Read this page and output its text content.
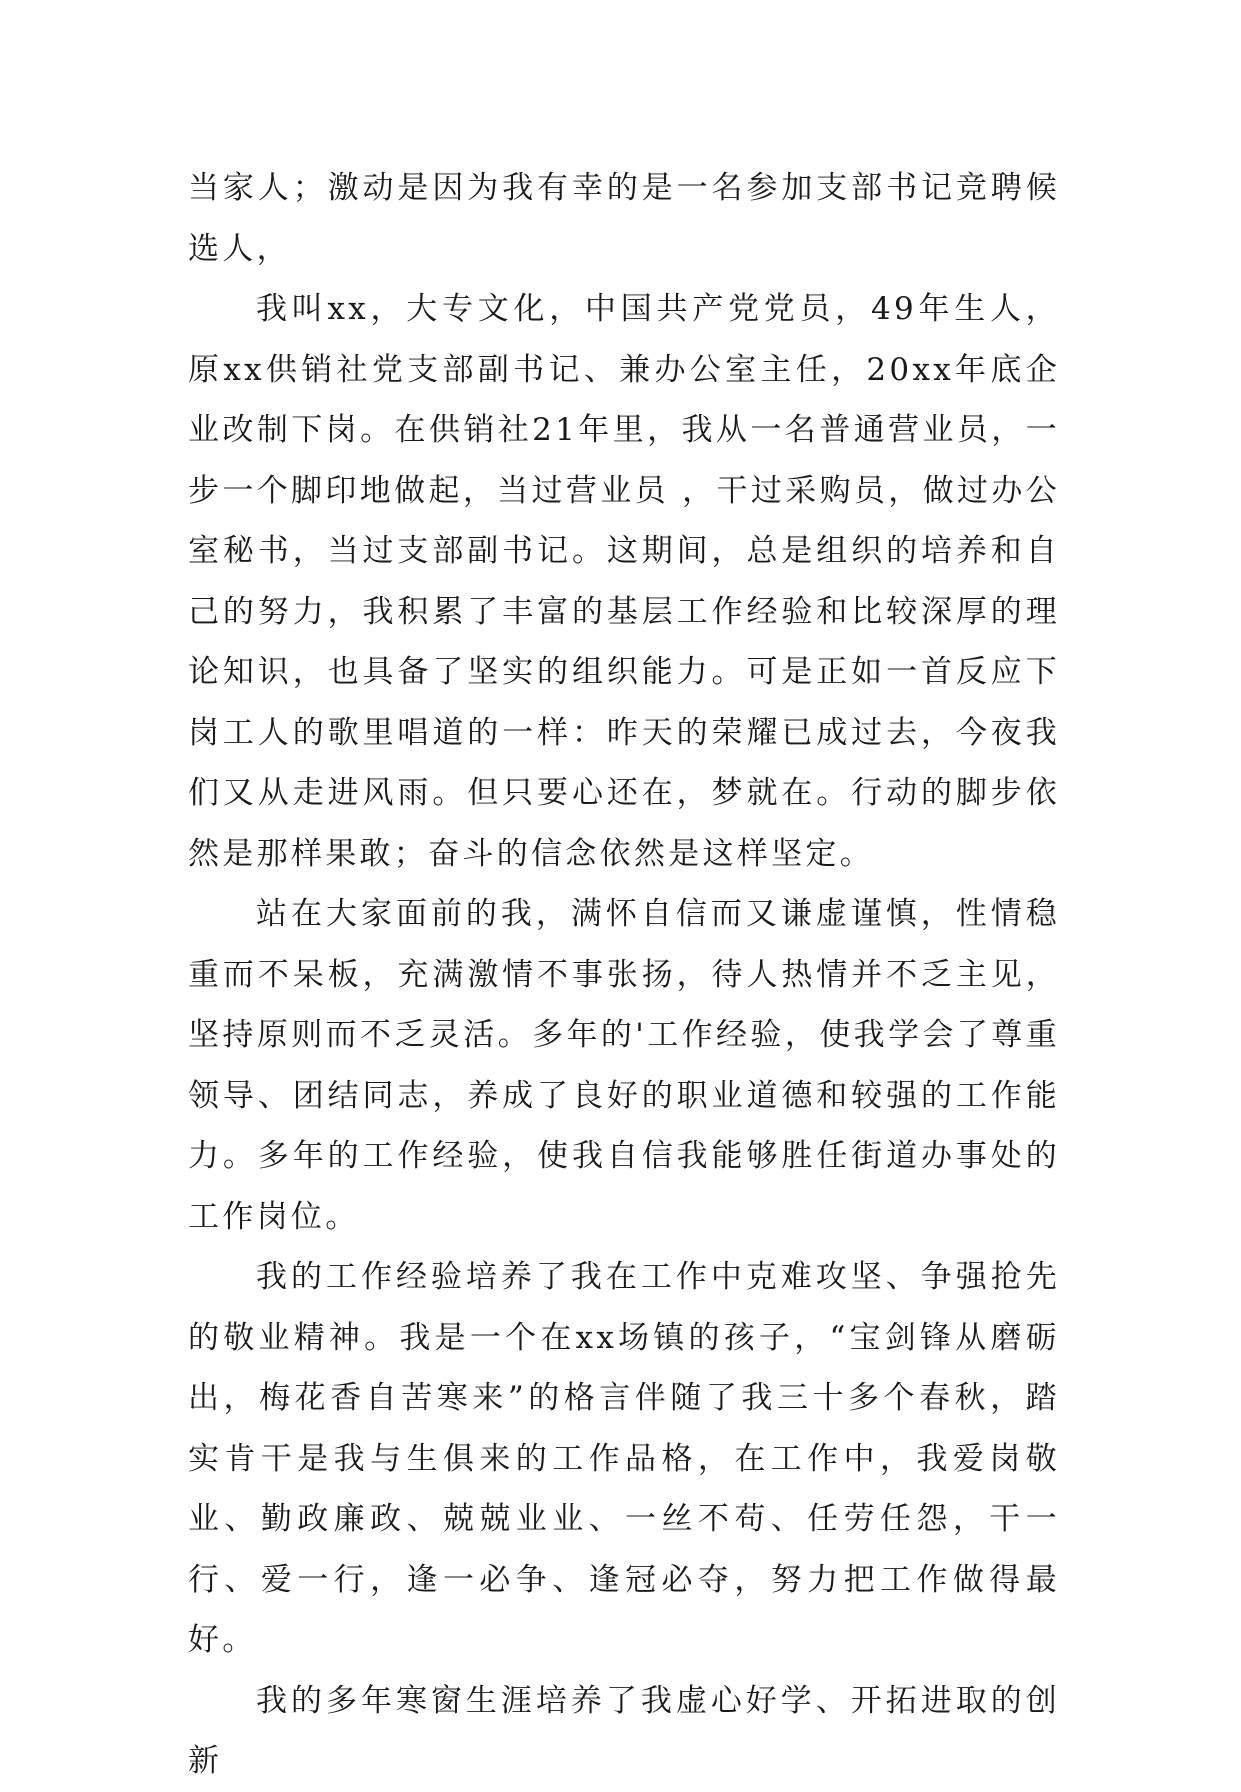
当家人；激动是因为我有幸的是一名参加支部书记竞聘候选人，

我叫xx，大专文化，中国共产党党员，49年生人，原xx供销社党支部副书记、兼办公室主任，20xx年底企业改制下岗。在供销社21年里，我从一名普通营业员，一步一个脚印地做起，当过营业员 ，干过采购员，做过办公室秘书，当过支部副书记。这期间，总是组织的培养和自己的努力，我积累了丰富的基层工作经验和比较深厚的理论知识，也具备了坚实的组织能力。可是正如一首反应下岗工人的歌里唱道的一样：昨天的荣耀已成过去，今夜我们又从走进风雨。但只要心还在，梦就在。行动的脚步依然是那样果敢；奋斗的信念依然是这样坚定。

站在大家面前的我，满怀自信而又谦虚谨慎，性情稳重而不呆板，充满激情不事张扬，待人热情并不乏主见，坚持原则而不乏灵活。多年的'工作经验，使我学会了尊重领导、团结同志，养成了良好的职业道德和较强的工作能力。多年的工作经验，使我自信我能够胜任街道办事处的工作岗位。

我的工作经验培养了我在工作中克难攻坚、争强抢先的敬业精神。我是一个在xx场镇的孩子，“宝剑锋从磨砺出，梅花香自苦寒来”的格言伴随了我三十多个春秋，踏实肯干是我与生俱来的工作品格，在工作中，我爱岗敬业、勤政廉政、兢兢业业、一丝不苟、任劳任怨，干一行、爱一行，逢一必争、逢冠必夺，努力把工作做得最好。

我的多年寒窗生涯培养了我虚心好学、开拓进取的创新
